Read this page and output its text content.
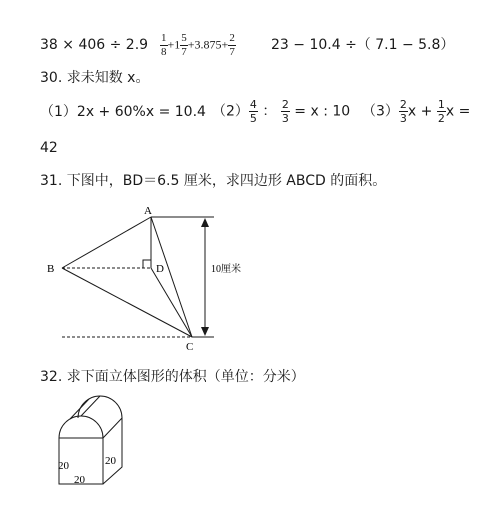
$38 \times 406 \div 2.9 \frac{1}{8} +1 \frac{5}{7} +3.875+ \frac{2}{7}$	23 − 10.4 ÷（ 7.1 − 5.8）
30. 求未知数 x。
（1）2x + 60%x = 10.4 $(2) \frac{4}{5}$ ： $\frac{2}{3} = x$ : 10 $(3) \frac{2}{3}$ $x + \frac{1}{2}$ x =
42
31. 下图中，BD＝6.5 厘米，求四边形 ABCD 的面积。
A
B	D
C
10厘米
20	20
20
32. 求下面立体图形的体积（单位：分米）
